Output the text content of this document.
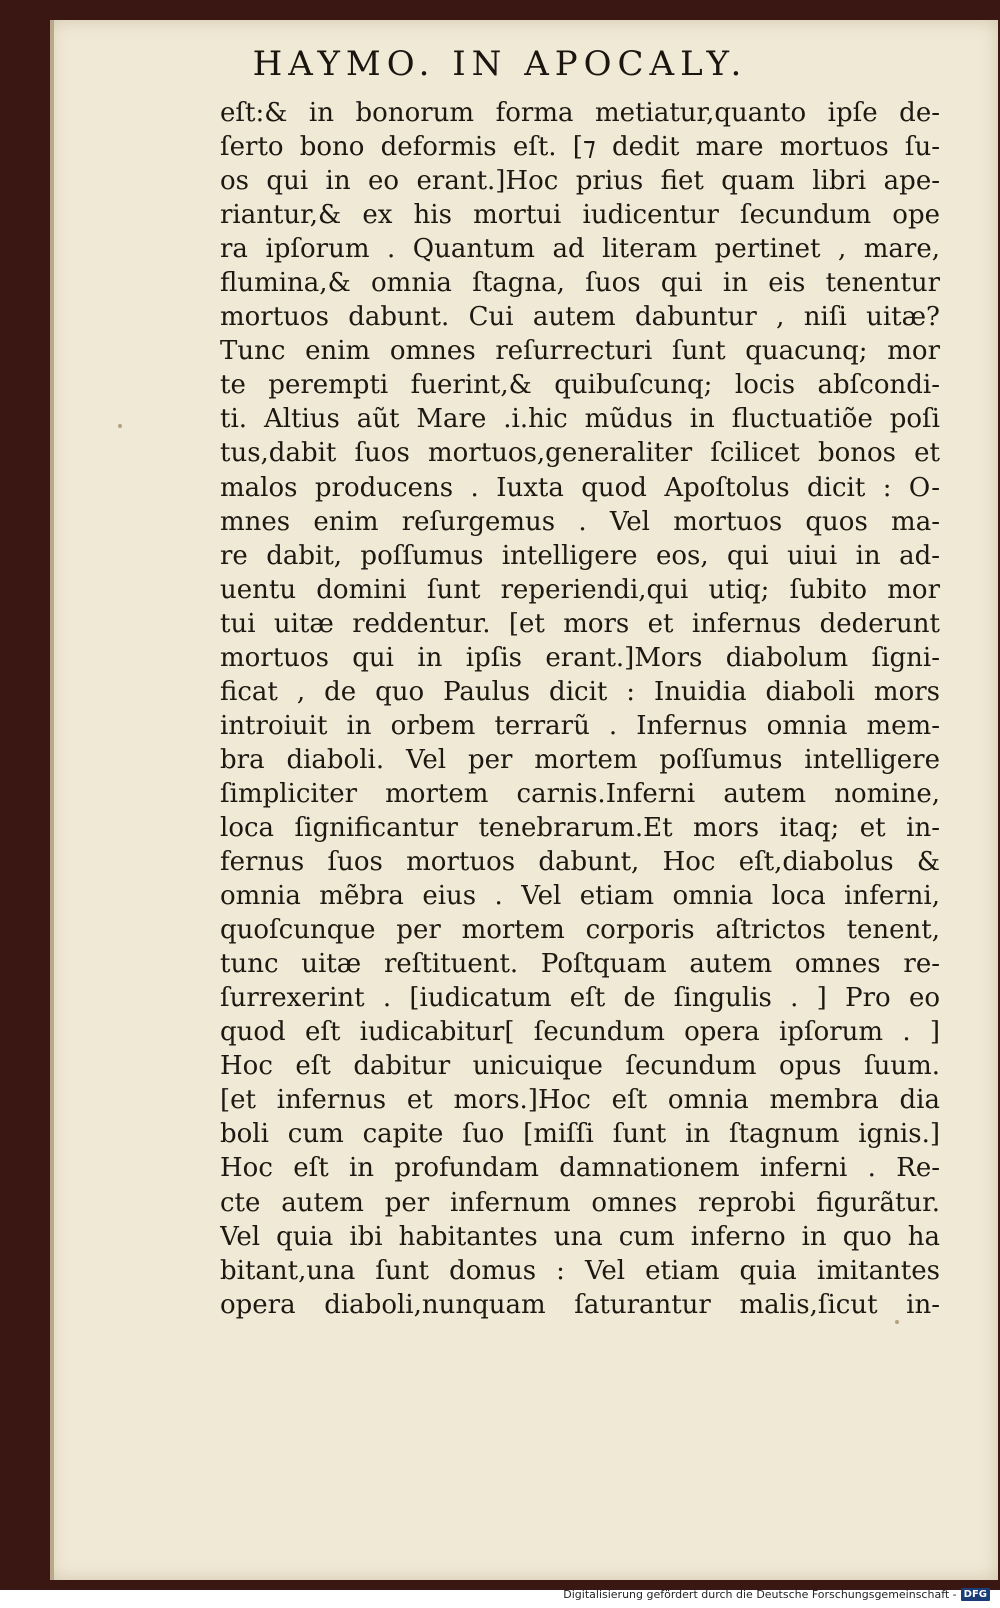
HAYMO. IN APOCALY.
eſt:& in bonorum forma metiatur,quanto ipſe de-
ſerto bono deformis eſt. [⁊ dedit mare mortuos ſu-
os qui in eo erant.]Hoc prius fiet quam libri ape-
riantur,& ex his mortui iudicentur ſecundum ope
ra ipſorum . Quantum ad literam pertinet , mare,
flumina,& omnia ſtagna, ſuos qui in eis tenentur
mortuos dabunt. Cui autem dabuntur , niſi uitæ?
Tunc enim omnes reſurrecturi ſunt quacunq; mor
te perempti fuerint,& quibuſcunq; locis abſcondi-
ti. Altius aũt Mare .i.hic mũdus in fluctuatiõe poſi
tus,dabit ſuos mortuos,generaliter ſcilicet bonos et
malos producens . Iuxta quod Apoſtolus dicit : O-
mnes enim reſurgemus . Vel mortuos quos ma-
re dabit, poſſumus intelligere eos, qui uiui in ad-
uentu domini ſunt reperiendi,qui utiq; ſubito mor
tui uitæ reddentur. [et mors et infernus dederunt
mortuos qui in ipſis erant.]Mors diabolum ſigni-
ficat , de quo Paulus dicit : Inuidia diaboli mors
introiuit in orbem terrarũ . Infernus omnia mem-
bra diaboli. Vel per mortem poſſumus intelligere
ſimpliciter mortem carnis.Inferni autem nomine,
loca ſignificantur tenebrarum.Et mors itaq; et in-
fernus ſuos mortuos dabunt, Hoc eſt,diabolus &
omnia mẽbra eius . Vel etiam omnia loca inferni,
quoſcunque per mortem corporis aſtrictos tenent,
tunc uitæ reſtituent. Poſtquam autem omnes re-
ſurrexerint . [iudicatum eſt de ſingulis . ] Pro eo
quod eſt iudicabitur[ ſecundum opera ipſorum . ]
Hoc eſt dabitur unicuique ſecundum opus ſuum.
[et infernus et mors.]Hoc eſt omnia membra dia
boli cum capite ſuo [miſſi ſunt in ſtagnum ignis.]
Hoc eſt in profundam damnationem inferni . Re-
cte autem per infernum omnes reprobi figurãtur.
Vel quia ibi habitantes una cum inferno in quo ha
bitant,una ſunt domus : Vel etiam quia imitantes
opera diaboli,nunquam ſaturantur malis,ſicut in-
Digitalisierung gefördert durch die Deutsche Forschungsgemeinschaft - DFG
